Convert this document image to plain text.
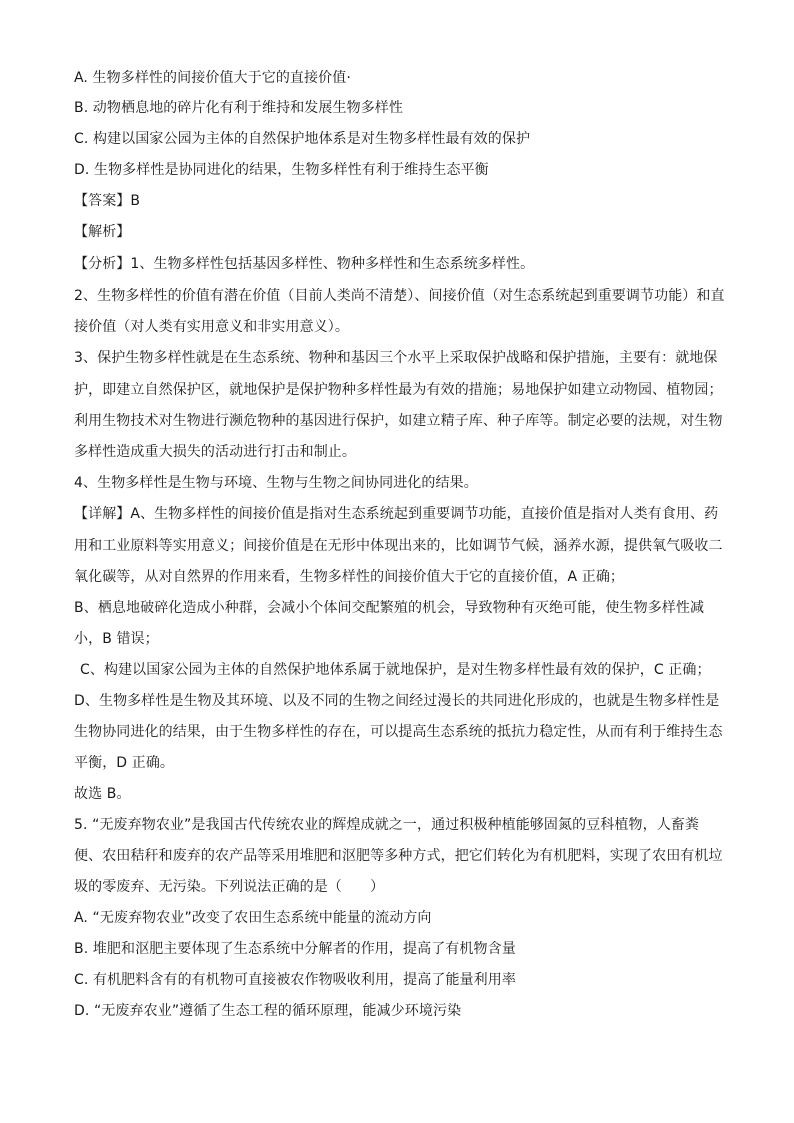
A. 生物多样性的间接价值大于它的直接价值·
B. 动物栖息地的碎片化有利于维持和发展生物多样性
C. 构建以国家公园为主体的自然保护地体系是对生物多样性最有效的保护
D. 生物多样性是协同进化的结果，生物多样性有利于维持生态平衡
【答案】B
【解析】
【分析】1、生物多样性包括基因多样性、物种多样性和生态系统多样性。
2、生物多样性的价值有潜在价值（目前人类尚不清楚）、间接价值（对生态系统起到重要调节功能）和直
接价值（对人类有实用意义和非实用意义）。
3、保护生物多样性就是在生态系统、物种和基因三个水平上采取保护战略和保护措施，主要有：就地保
护，即建立自然保护区，就地保护是保护物种多样性最为有效的措施；易地保护如建立动物园、植物园；
利用生物技术对生物进行濒危物种的基因进行保护，如建立精子库、种子库等。制定必要的法规，对生物
多样性造成重大损失的活动进行打击和制止。
4、生物多样性是生物与环境、生物与生物之间协同进化的结果。
【详解】A、生物多样性的间接价值是指对生态系统起到重要调节功能，直接价值是指对人类有食用、药
用和工业原料等实用意义；间接价值是在无形中体现出来的，比如调节气候，涵养水源，提供氧气吸收二
氧化碳等，从对自然界的作用来看，生物多样性的间接价值大于它的直接价值，A 正确；
B、栖息地破碎化造成小种群，会减小个体间交配繁殖的机会，导致物种有灭绝可能，使生物多样性减
小，B 错误；
C、构建以国家公园为主体的自然保护地体系属于就地保护，是对生物多样性最有效的保护，C 正确；
D、生物多样性是生物及其环境、以及不同的生物之间经过漫长的共同进化形成的，也就是生物多样性是
生物协同进化的结果，由于生物多样性的存在，可以提高生态系统的抵抗力稳定性，从而有利于维持生态
平衡，D 正确。
故选 B。
5. “无废弃物农业”是我国古代传统农业的辉煌成就之一，通过积极种植能够固氮的豆科植物，人畜粪
便、农田秸秆和废弃的农产品等采用堆肥和沤肥等多种方式，把它们转化为有机肥料，实现了农田有机垃
圾的零废弃、无污染。下列说法正确的是（　　）
A. “无废弃物农业”改变了农田生态系统中能量的流动方向
B. 堆肥和沤肥主要体现了生态系统中分解者的作用，提高了有机物含量
C. 有机肥料含有的有机物可直接被农作物吸收利用，提高了能量利用率
D. “无废弃农业”遵循了生态工程的循环原理，能减少环境污染
